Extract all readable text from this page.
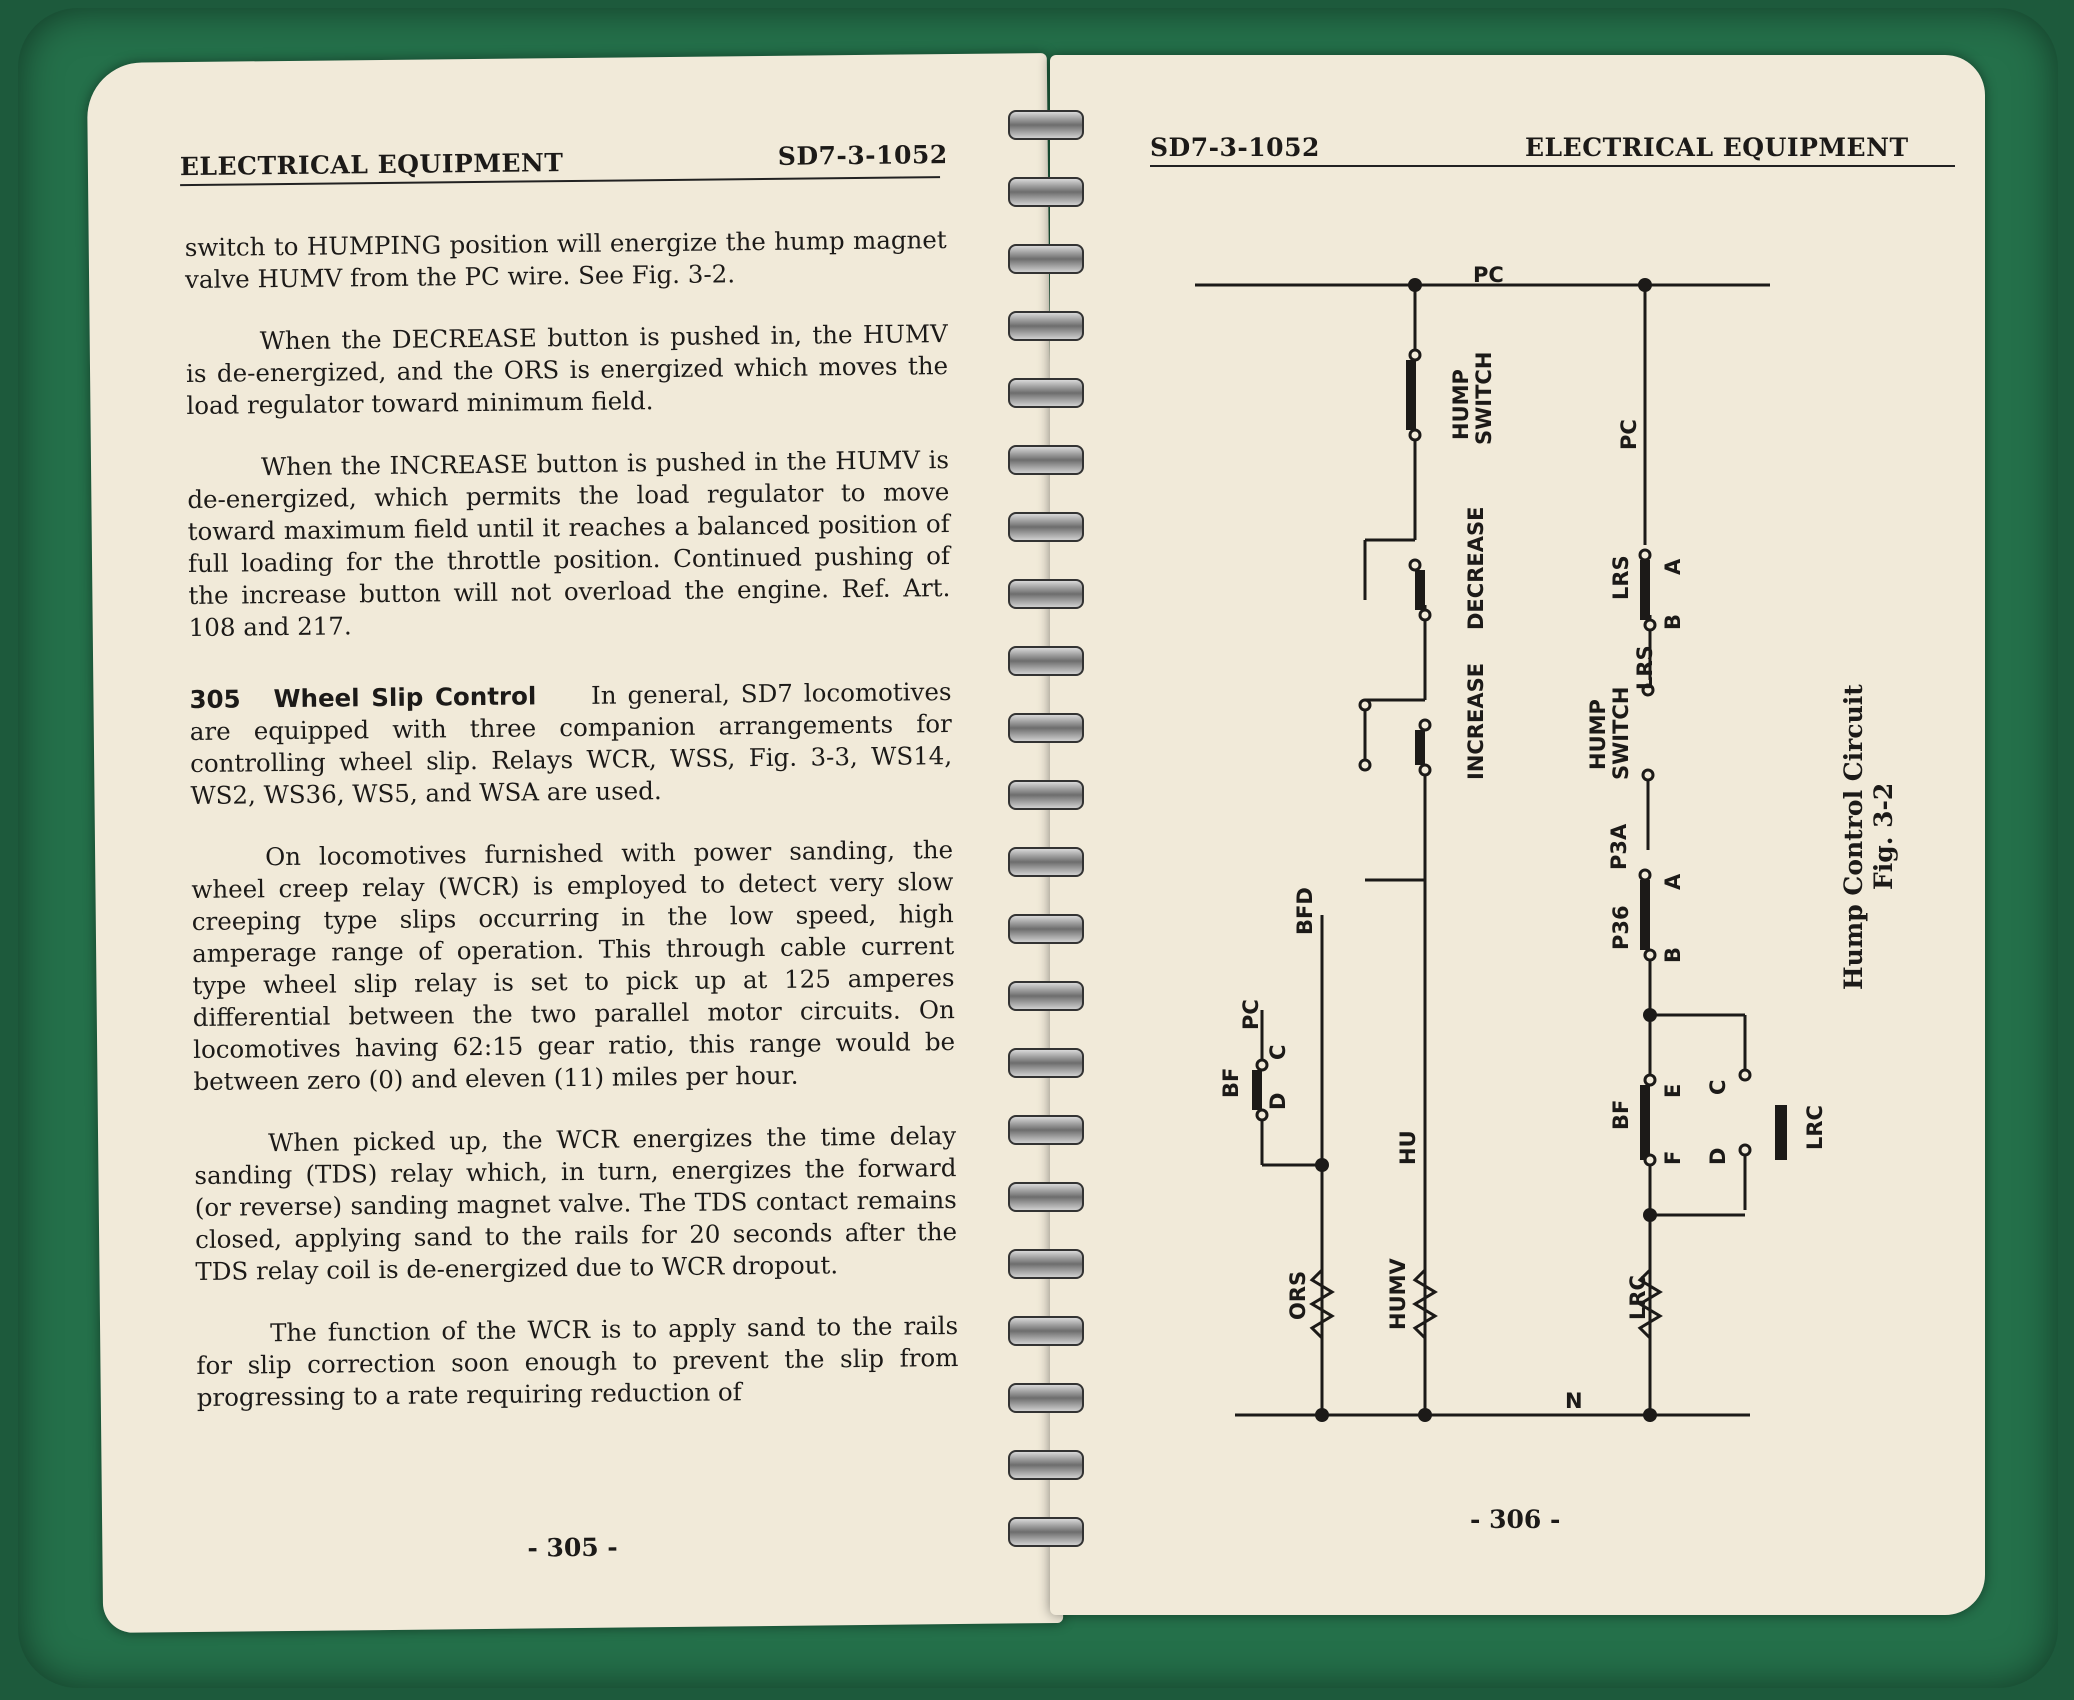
ELECTRICAL EQUIPMENT	SD7-3-1052

switch to HUMPING position will energize the hump magnet valve HUMV from the PC wire. See Fig. 3-2.

When the DECREASE button is pushed in, the HUMV is de-energized, and the ORS is energized which moves the load regulator toward minimum field.

When the INCREASE button is pushed in the HUMV is de-energized, which permits the load regulator to move toward maximum field until it reaches a balanced position of full loading for the throttle position. Continued pushing of the increase button will not overload the engine. Ref. Art. 108 and 217.

305 Wheel Slip Control In general, SD7 locomotives are equipped with three companion arrangements for controlling wheel slip. Relays WCR, WSS, Fig. 3-3, WS14, WS2, WS36, WS5, and WSA are used.

On locomotives furnished with power sanding, the wheel creep relay (WCR) is employed to detect very slow creeping type slips occurring in the low speed, high amperage range of operation. This through cable current type wheel slip relay is set to pick up at 125 amperes differential between the two parallel motor circuits. On locomotives having 62:15 gear ratio, this range would be between zero (0) and eleven (11) miles per hour.

When picked up, the WCR energizes the time delay sanding (TDS) relay which, in turn, energizes the forward (or reverse) sanding magnet valve. The TDS contact remains closed, applying sand to the rails for 20 seconds after the TDS relay coil is de-energized due to WCR dropout.

The function of the WCR is to apply sand to the rails for slip correction soon enough to prevent the slip from progressing to a rate requiring reduction of

- 305 -
SD7-3-1052	ELECTRICAL EQUIPMENT
- 306 -
PC
HUMP SWITCH
DECREASE
INCREASE
BFD
PC
C
BF
D
HU
ORS	HUMV
N
PC
LRS A
B
LRS
HUMP SWITCH
P3A
A
P36
B
BF
E
F
C
D
LRC
LRC
Hump Control Circuit Fig. 3-2
